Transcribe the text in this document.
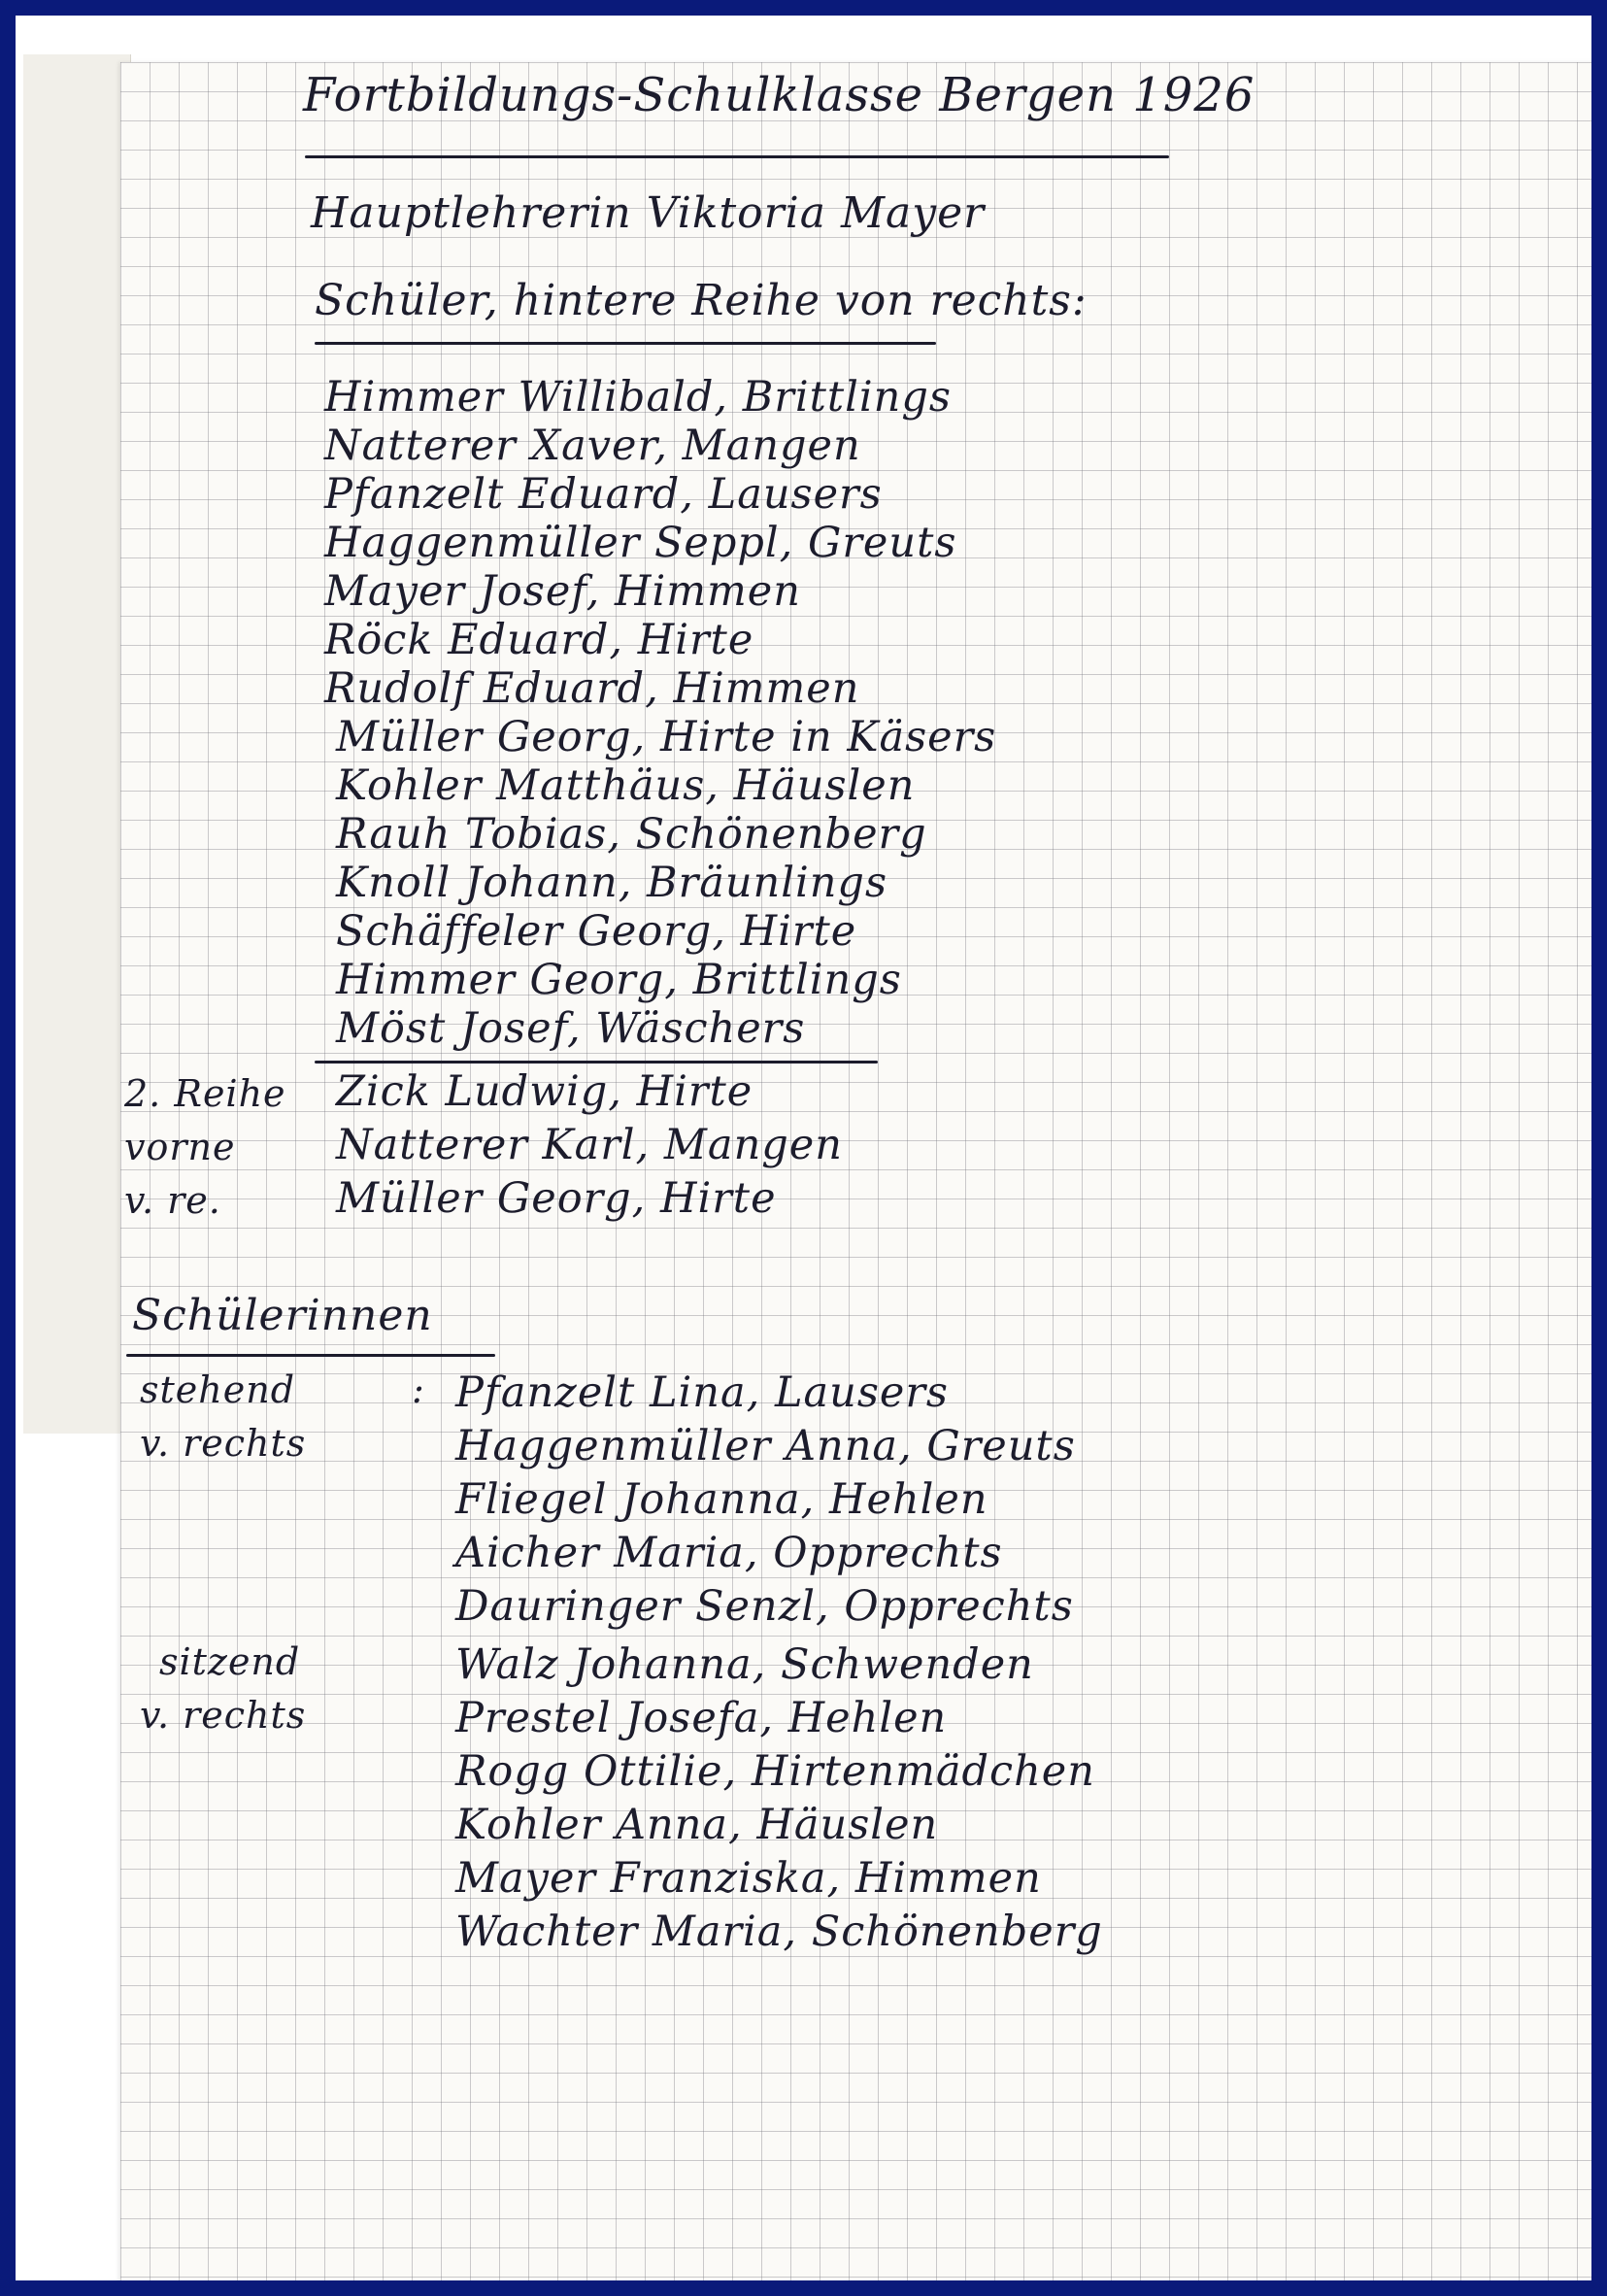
Fortbildungs-Schulklasse Bergen 1926
Hauptlehrerin Viktoria Mayer
Schüler, hintere Reihe von rechts:
Himmer Willibald, Brittlings
Natterer Xaver, Mangen
Pfanzelt Eduard, Lausers
Haggenmüller Seppl, Greuts
Mayer Josef, Himmen
Röck Eduard, Hirte
Rudolf Eduard, Himmen
Müller Georg, Hirte in Käsers
Kohler Matthäus, Häuslen
Rauh Tobias, Schönenberg
Knoll Johann, Bräunlings
Schäffeler Georg, Hirte
Himmer Georg, Brittlings
Möst Josef, Wäschers
2. Reihe
vorne
v. re.
Zick Ludwig, Hirte
Natterer Karl, Mangen
Müller Georg, Hirte
Schülerinnen
stehend	:
v. rechts
Pfanzelt Lina, Lausers
Haggenmüller Anna, Greuts
Fliegel Johanna, Hehlen
Aicher Maria, Opprechts
Dauringer Senzl, Opprechts
sitzend
v. rechts
Walz Johanna, Schwenden
Prestel Josefa, Hehlen
Rogg Ottilie, Hirtenmädchen
Kohler Anna, Häuslen
Mayer Franziska, Himmen
Wachter Maria, Schönenberg
